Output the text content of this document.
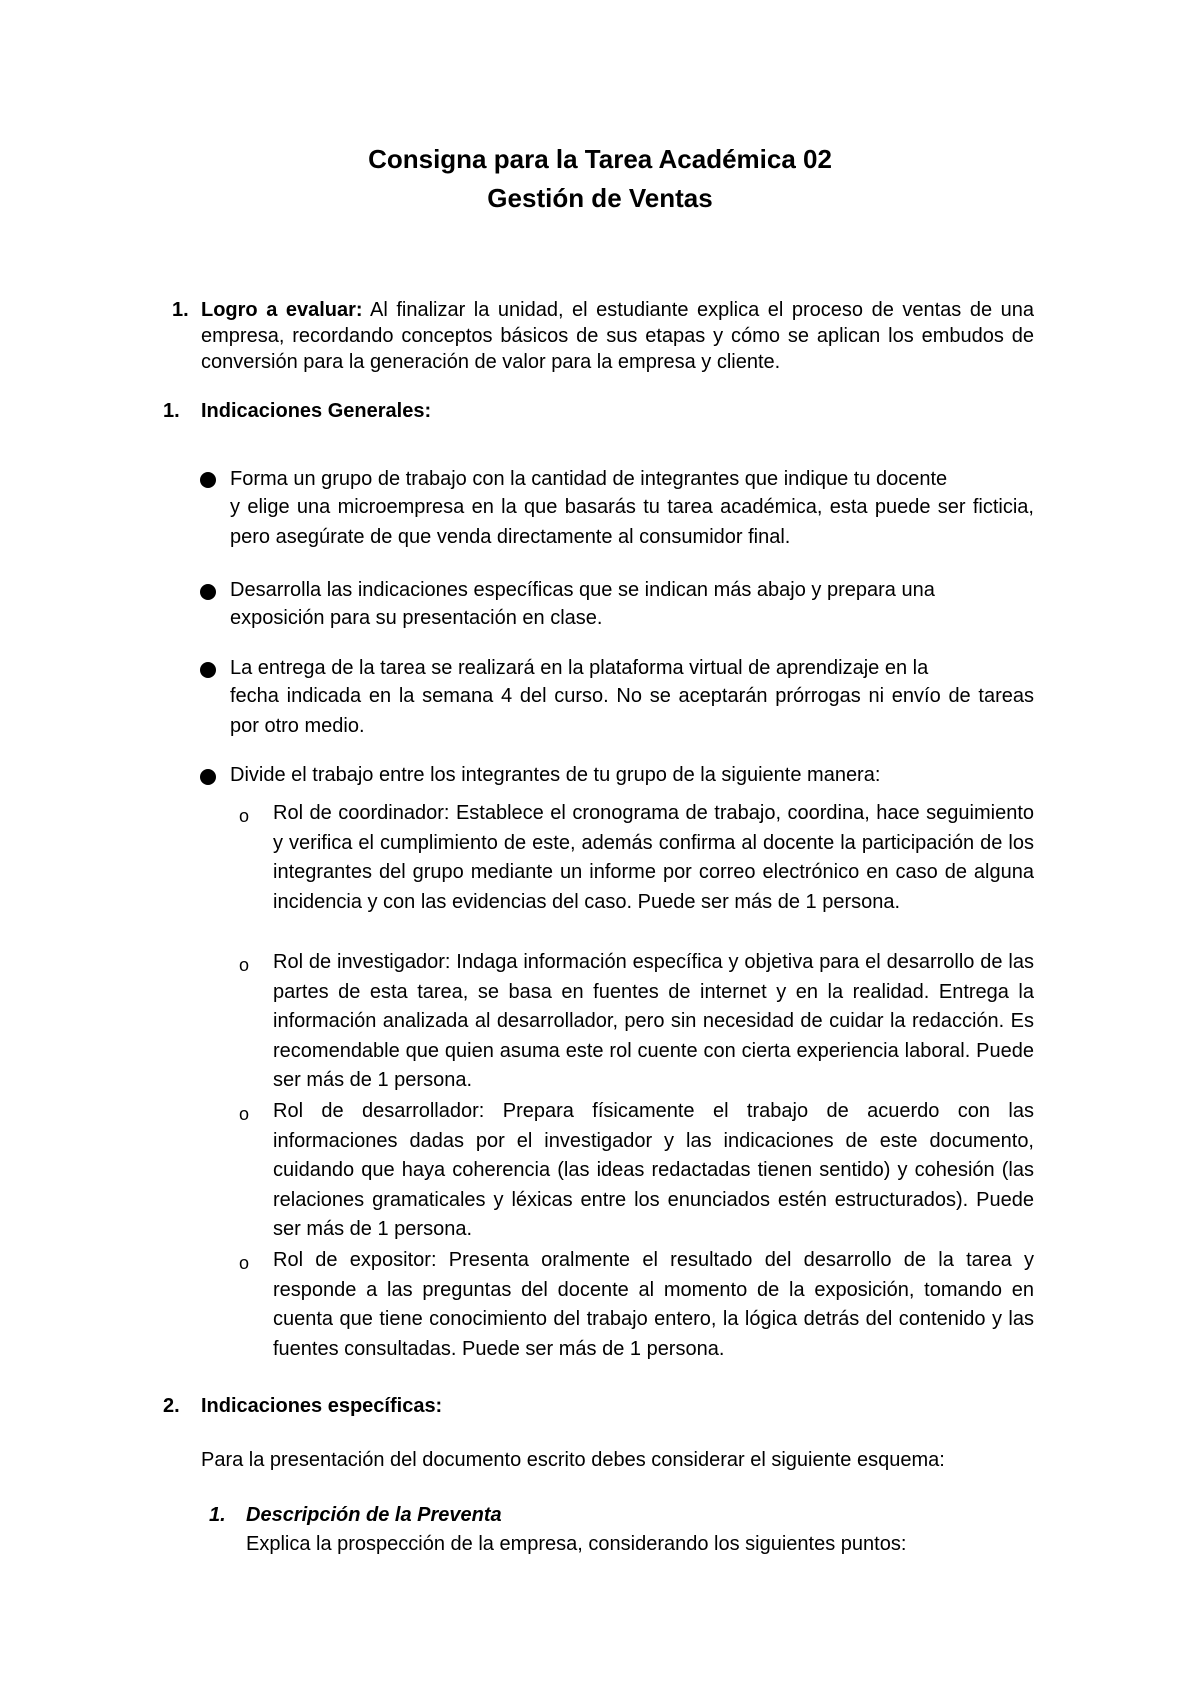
Consigna para la Tarea Académica 02
Gestión de Ventas
1. Logro a evaluar: Al finalizar la unidad, el estudiante explica el proceso de ventas de una empresa, recordando conceptos básicos de sus etapas y cómo se aplican los embudos de conversión para la generación de valor para la empresa y cliente.
1.	Indicaciones Generales:
Forma un grupo de trabajo con la cantidad de integrantes que indique tu docente
y elige una microempresa en la que basarás tu tarea académica, esta puede ser ficticia, pero asegúrate de que venda directamente al consumidor final.
Desarrolla las indicaciones específicas que se indican más abajo y prepara una
exposición para su presentación en clase.
La entrega de la tarea se realizará en la plataforma virtual de aprendizaje en la
fecha indicada en la semana 4 del curso. No se aceptarán prórrogas ni envío de tareas por otro medio.
Divide el trabajo entre los integrantes de tu grupo de la siguiente manera:
o Rol de coordinador: Establece el cronograma de trabajo, coordina, hace seguimiento y verifica el cumplimiento de este, además confirma al docente la participación de los integrantes del grupo mediante un informe por correo electrónico en caso de alguna incidencia y con las evidencias del caso. Puede ser más de 1 persona.
o Rol de investigador: Indaga información específica y objetiva para el desarrollo de las partes de esta tarea, se basa en fuentes de internet y en la realidad. Entrega la información analizada al desarrollador, pero sin necesidad de cuidar la redacción. Es recomendable que quien asuma este rol cuente con cierta experiencia laboral. Puede ser más de 1 persona.
o Rol de desarrollador: Prepara físicamente el trabajo de acuerdo con las informaciones dadas por el investigador y las indicaciones de este documento, cuidando que haya coherencia (las ideas redactadas tienen sentido) y cohesión (las relaciones gramaticales y léxicas entre los enunciados estén estructurados). Puede ser más de 1 persona.
o Rol de expositor: Presenta oralmente el resultado del desarrollo de la tarea y responde a las preguntas del docente al momento de la exposición, tomando en cuenta que tiene conocimiento del trabajo entero, la lógica detrás del contenido y las fuentes consultadas. Puede ser más de 1 persona.
2.	Indicaciones específicas:
Para la presentación del documento escrito debes considerar el siguiente esquema:
1.	Descripción de la Preventa
Explica la prospección de la empresa, considerando los siguientes puntos:
